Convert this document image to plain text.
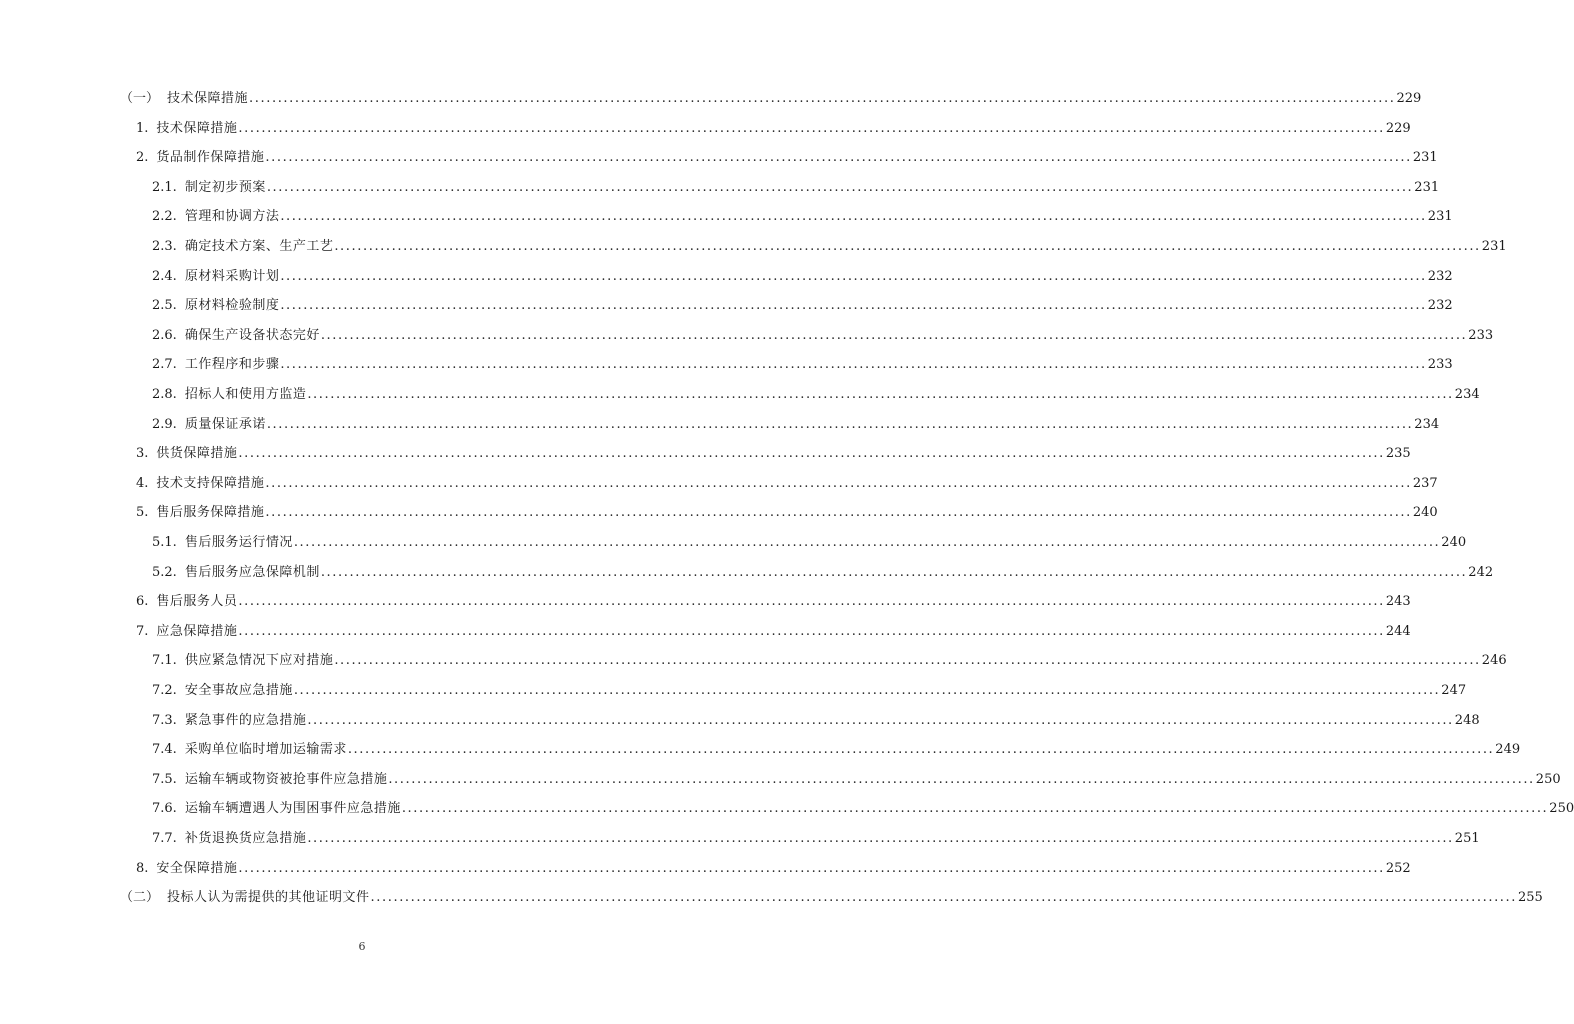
（一） 技术保障措施 ........................................................................................................................................................................................................ 229
1. 技术保障措施 ........................................................................................................................................................................................................ 229
2. 货品制作保障措施 ........................................................................................................................................................................................................ 231
2.1. 制定初步预案 ........................................................................................................................................................................................................ 231
2.2. 管理和协调方法 ........................................................................................................................................................................................................ 231
2.3. 确定技术方案、生产工艺 ........................................................................................................................................................................................................ 231
2.4. 原材料采购计划 ........................................................................................................................................................................................................ 232
2.5. 原材料检验制度 ........................................................................................................................................................................................................ 232
2.6. 确保生产设备状态完好 ........................................................................................................................................................................................................ 233
2.7. 工作程序和步骤 ........................................................................................................................................................................................................ 233
2.8. 招标人和使用方监造 ........................................................................................................................................................................................................ 234
2.9. 质量保证承诺 ........................................................................................................................................................................................................ 234
3. 供货保障措施 ........................................................................................................................................................................................................ 235
4. 技术支持保障措施 ........................................................................................................................................................................................................ 237
5. 售后服务保障措施 ........................................................................................................................................................................................................ 240
5.1. 售后服务运行情况 ........................................................................................................................................................................................................ 240
5.2. 售后服务应急保障机制 ........................................................................................................................................................................................................ 242
6. 售后服务人员 ........................................................................................................................................................................................................ 243
7. 应急保障措施 ........................................................................................................................................................................................................ 244
7.1. 供应紧急情况下应对措施 ........................................................................................................................................................................................................ 246
7.2. 安全事故应急措施 ........................................................................................................................................................................................................ 247
7.3. 紧急事件的应急措施 ........................................................................................................................................................................................................ 248
7.4. 采购单位临时增加运输需求 ........................................................................................................................................................................................................ 249
7.5. 运输车辆或物资被抢事件应急措施 ........................................................................................................................................................................................................ 250
7.6. 运输车辆遭遇人为围困事件应急措施 ........................................................................................................................................................................................................ 250
7.7. 补货退换货应急措施 ........................................................................................................................................................................................................ 251
8. 安全保障措施 ........................................................................................................................................................................................................ 252
（二） 投标人认为需提供的其他证明文件 ........................................................................................................................................................................................................ 255
6
